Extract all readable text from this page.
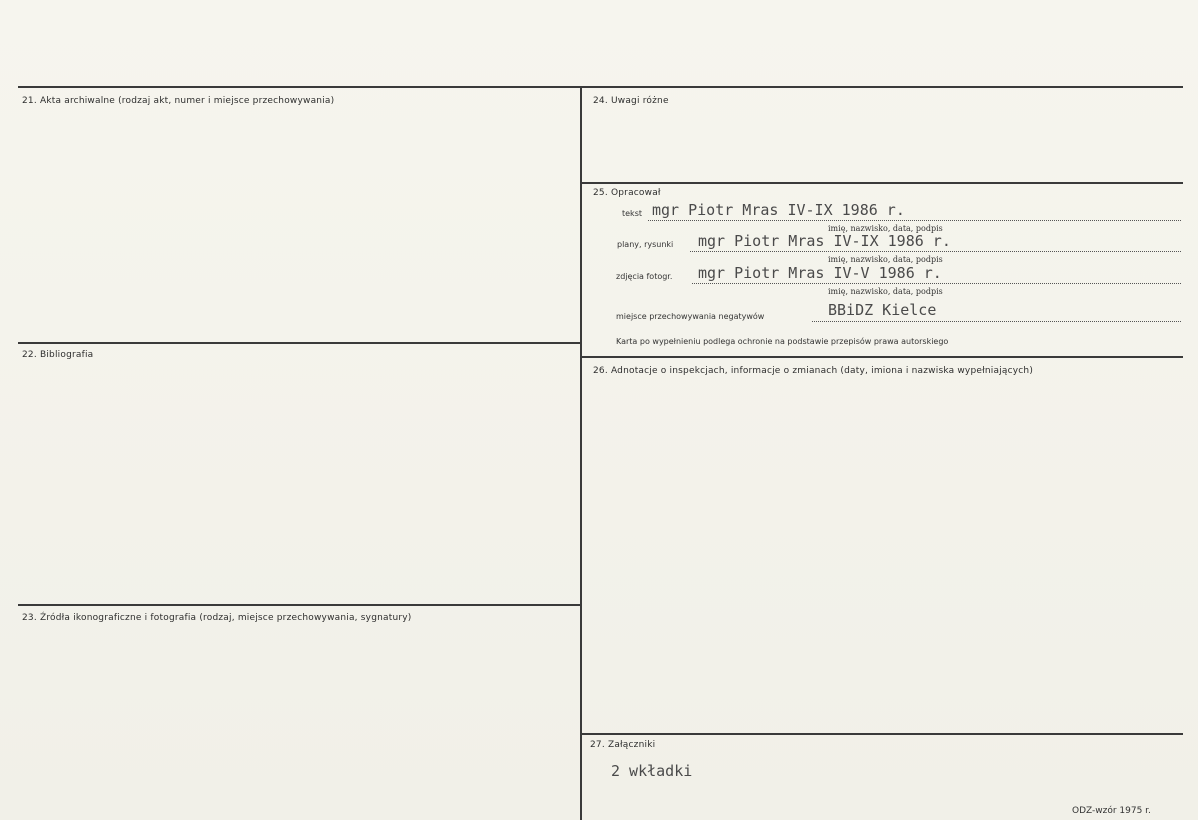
21. Akta archiwalne (rodzaj akt, numer i miejsce przechowywania)
22. Bibliografia
23. Źródła ikonograficzne i fotografia (rodzaj, miejsce przechowywania, sygnatury)
24. Uwagi różne
25. Opracował
tekst mgr Piotr Mras IV-IX 1986 r.
imię, nazwisko, data, podpis
plany, rysunki mgr Piotr Mras IV-IX 1986 r.
imię, nazwisko, data, podpis
zdjęcia fotogr. mgr Piotr Mras IV-V 1986 r.
imię, nazwisko, data, podpis
miejsce przechowywania negatywów	BBiDZ Kielce
Karta po wypełnieniu podlega ochronie na podstawie przepisów prawa autorskiego
26. Adnotacje o inspekcjach, informacje o zmianach (daty, imiona i nazwiska wypełniających)
27. Załączniki
2 wkładki
ODZ-wzór 1975 r.
